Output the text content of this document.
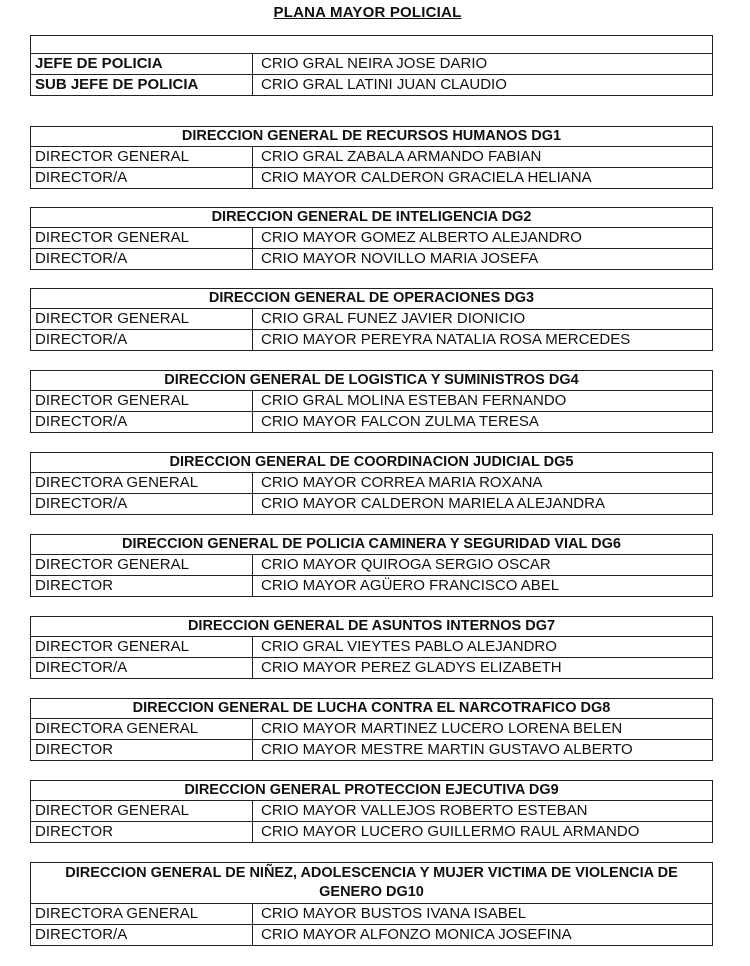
PLANA MAYOR POLICIAL
JEFE DE POLICIA	CRIO GRAL NEIRA JOSE DARIO
SUB JEFE DE POLICIA	CRIO GRAL LATINI JUAN CLAUDIO
DIRECCION GENERAL DE RECURSOS HUMANOS DG1
DIRECTOR GENERAL	CRIO GRAL ZABALA ARMANDO FABIAN
DIRECTOR/A	CRIO MAYOR CALDERON GRACIELA HELIANA
DIRECCION GENERAL DE INTELIGENCIA DG2
DIRECTOR GENERAL	CRIO MAYOR GOMEZ ALBERTO ALEJANDRO
DIRECTOR/A	CRIO MAYOR NOVILLO MARIA JOSEFA
DIRECCION GENERAL DE OPERACIONES DG3
DIRECTOR GENERAL	CRIO GRAL FUNEZ JAVIER DIONICIO
DIRECTOR/A	CRIO MAYOR PEREYRA NATALIA ROSA MERCEDES
DIRECCION GENERAL DE LOGISTICA Y SUMINISTROS DG4
DIRECTOR GENERAL	CRIO GRAL MOLINA ESTEBAN FERNANDO
DIRECTOR/A	CRIO MAYOR FALCON ZULMA TERESA
DIRECCION GENERAL DE COORDINACION JUDICIAL DG5
DIRECTORA GENERAL	CRIO MAYOR CORREA MARIA ROXANA
DIRECTOR/A	CRIO MAYOR CALDERON MARIELA ALEJANDRA
DIRECCION GENERAL DE POLICIA CAMINERA Y SEGURIDAD VIAL DG6
DIRECTOR GENERAL	CRIO MAYOR QUIROGA SERGIO OSCAR
DIRECTOR	CRIO MAYOR AGÜERO FRANCISCO ABEL
DIRECCION GENERAL DE ASUNTOS INTERNOS DG7
DIRECTOR GENERAL	CRIO GRAL VIEYTES PABLO ALEJANDRO
DIRECTOR/A	CRIO MAYOR PEREZ GLADYS ELIZABETH
DIRECCION GENERAL DE LUCHA CONTRA EL NARCOTRAFICO DG8
DIRECTORA GENERAL	CRIO MAYOR MARTINEZ LUCERO LORENA BELEN
DIRECTOR	CRIO MAYOR MESTRE MARTIN GUSTAVO ALBERTO
DIRECCION GENERAL PROTECCION EJECUTIVA DG9
DIRECTOR GENERAL	CRIO MAYOR VALLEJOS ROBERTO ESTEBAN
DIRECTOR	CRIO MAYOR LUCERO GUILLERMO RAUL ARMANDO
DIRECCION GENERAL DE NIÑEZ, ADOLESCENCIA Y MUJER VICTIMA DE VIOLENCIA DE GENERO DG10
DIRECTORA GENERAL	CRIO MAYOR BUSTOS IVANA ISABEL
DIRECTOR/A	CRIO MAYOR ALFONZO MONICA JOSEFINA
